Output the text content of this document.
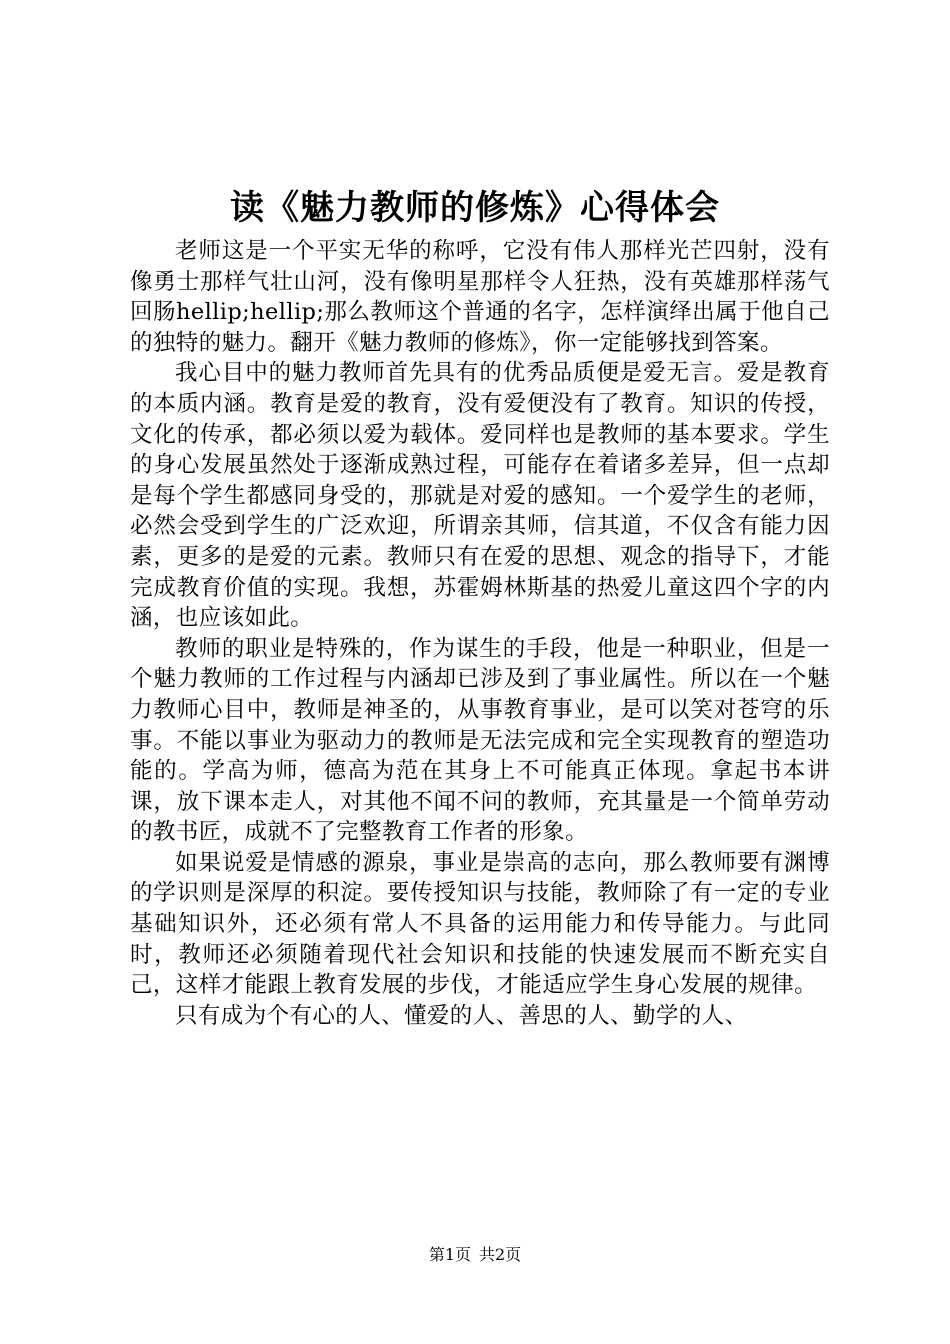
读《魅力教师的修炼》心得体会

老师这是一个平实无华的称呼，它没有伟人那样光芒四射，没有像勇士那样气壮山河，没有像明星那样令人狂热，没有英雄那样荡气回肠hellip;hellip;那么教师这个普通的名字，怎样演绎出属于他自己的独特的魅力。翻开《魅力教师的修炼》，你一定能够找到答案。

我心目中的魅力教师首先具有的优秀品质便是爱无言。爱是教育的本质内涵。教育是爱的教育，没有爱便没有了教育。知识的传授，文化的传承，都必须以爱为载体。爱同样也是教师的基本要求。学生的身心发展虽然处于逐渐成熟过程，可能存在着诸多差异，但一点却是每个学生都感同身受的，那就是对爱的感知。一个爱学生的老师，必然会受到学生的广泛欢迎，所谓亲其师，信其道，不仅含有能力因素，更多的是爱的元素。教师只有在爱的思想、观念的指导下，才能完成教育价值的实现。我想，苏霍姆林斯基的热爱儿童这四个字的内涵，也应该如此。

教师的职业是特殊的，作为谋生的手段，他是一种职业，但是一个魅力教师的工作过程与内涵却已涉及到了事业属性。所以在一个魅力教师心目中，教师是神圣的，从事教育事业，是可以笑对苍穹的乐事。不能以事业为驱动力的教师是无法完成和完全实现教育的塑造功能的。学高为师，德高为范在其身上不可能真正体现。拿起书本讲课，放下课本走人，对其他不闻不问的教师，充其量是一个简单劳动的教书匠，成就不了完整教育工作者的形象。

如果说爱是情感的源泉，事业是崇高的志向，那么教师要有渊博的学识则是深厚的积淀。要传授知识与技能，教师除了有一定的专业基础知识外，还必须有常人不具备的运用能力和传导能力。与此同时，教师还必须随着现代社会知识和技能的快速发展而不断充实自己，这样才能跟上教育发展的步伐，才能适应学生身心发展的规律。

只有成为个有心的人、懂爱的人、善思的人、勤学的人、

第1页 共2页
